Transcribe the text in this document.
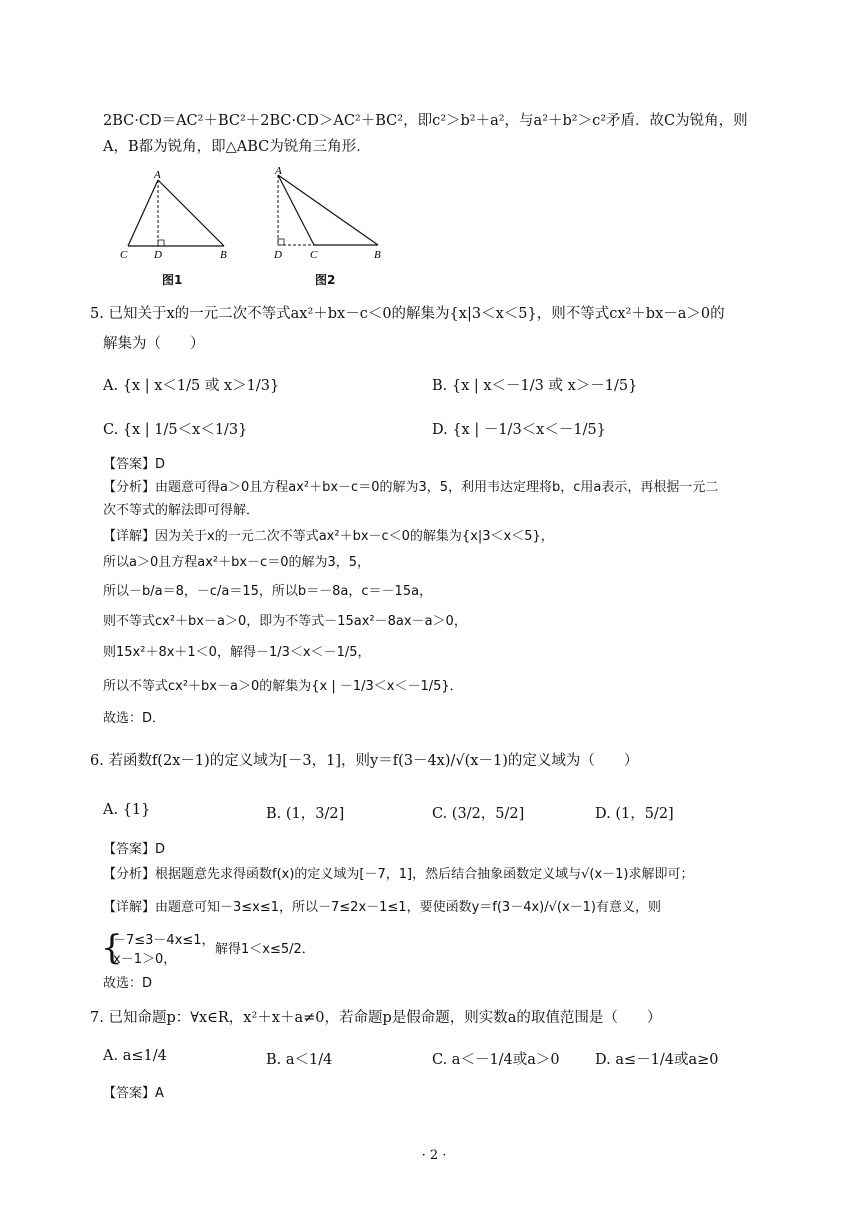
2BC·CD＝AC²＋BC²＋2BC·CD＞AC²＋BC²，即c²＞b²＋a²，与a²＋b²＞c²矛盾．故C为锐角，则
A，B都为锐角，即△ABC为锐角三角形．
A
C D	B
图1
A
D	C	B
图2
5. 已知关于x的一元二次不等式ax²＋bx－c＜0的解集为{x|3＜x＜5}，则不等式cx²＋bx－a＞0的
解集为（　　）
A. {x | x＜1/5 或 x＞1/3}	B. {x | x＜－1/3 或 x＞－1/5}
C. {x | 1/5＜x＜1/3}	D. {x | －1/3＜x＜－1/5}
【答案】D
【分析】由题意可得a＞0且方程ax²＋bx－c＝0的解为3，5，利用韦达定理将b，c用a表示，再根据一元二
次不等式的解法即可得解．
【详解】因为关于x的一元二次不等式ax²＋bx－c＜0的解集为{x|3＜x＜5}，
所以a＞0且方程ax²＋bx－c＝0的解为3，5，
所以－b/a＝8，－c/a＝15，所以b＝－8a，c＝－15a，
则不等式cx²＋bx－a＞0，即为不等式－15ax²－8ax－a＞0，
则15x²＋8x＋1＜0，解得－1/3＜x＜－1/5，
所以不等式cx²＋bx－a＞0的解集为{x | －1/3＜x＜－1/5}．
故选：D．
6. 若函数f(2x－1)的定义域为[－3，1]，则y＝f(3－4x)/√(x－1)的定义域为（　　）
A. {1}	B. (1，3/2]	C. (3/2，5/2]	D. (1，5/2]
【答案】D
【分析】根据题意先求得函数f(x)的定义域为[－7，1]，然后结合抽象函数定义域与√(x－1)求解即可；
【详解】由题意可知－3≤x≤1，所以－7≤2x－1≤1，要使函数y＝f(3－4x)/√(x－1)有意义，则
{
－7≤3－4x≤1，
x－1＞0，
解得1＜x≤5/2．
故选：D
7. 已知命题p：∀x∈R，x²＋x＋a≠0，若命题p是假命题，则实数a的取值范围是（　　）
A. a≤1/4	B. a＜1/4	C. a＜－1/4或a＞0 D. a≤－1/4或a≥0
【答案】A
· 2 ·
